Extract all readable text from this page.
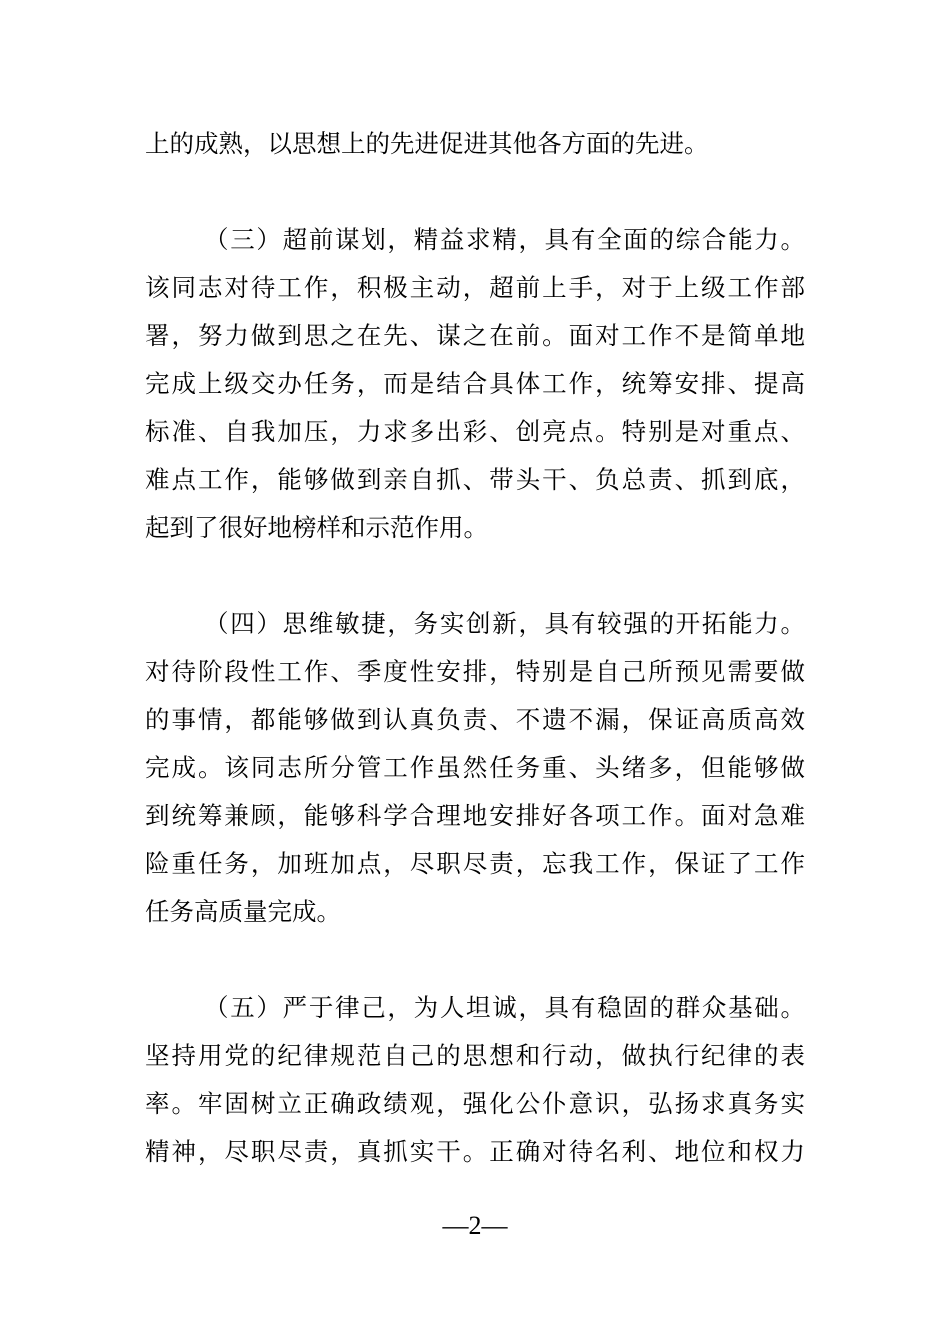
上的成熟，以思想上的先进促进其他各方面的先进。
（三）超前谋划，精益求精，具有全面的综合能力。
该同志对待工作，积极主动，超前上手，对于上级工作部
署，努力做到思之在先、谋之在前。面对工作不是简单地
完成上级交办任务，而是结合具体工作，统筹安排、提高
标准、自我加压，力求多出彩、创亮点。特别是对重点、
难点工作，能够做到亲自抓、带头干、负总责、抓到底，
起到了很好地榜样和示范作用。
（四）思维敏捷，务实创新，具有较强的开拓能力。
对待阶段性工作、季度性安排，特别是自己所预见需要做
的事情，都能够做到认真负责、不遗不漏，保证高质高效
完成。该同志所分管工作虽然任务重、头绪多，但能够做
到统筹兼顾，能够科学合理地安排好各项工作。面对急难
险重任务，加班加点，尽职尽责，忘我工作，保证了工作
任务高质量完成。
（五）严于律己，为人坦诚，具有稳固的群众基础。
坚持用党的纪律规范自己的思想和行动，做执行纪律的表
率。牢固树立正确政绩观，强化公仆意识，弘扬求真务实
精神，尽职尽责，真抓实干。正确对待名利、地位和权力
—2—
